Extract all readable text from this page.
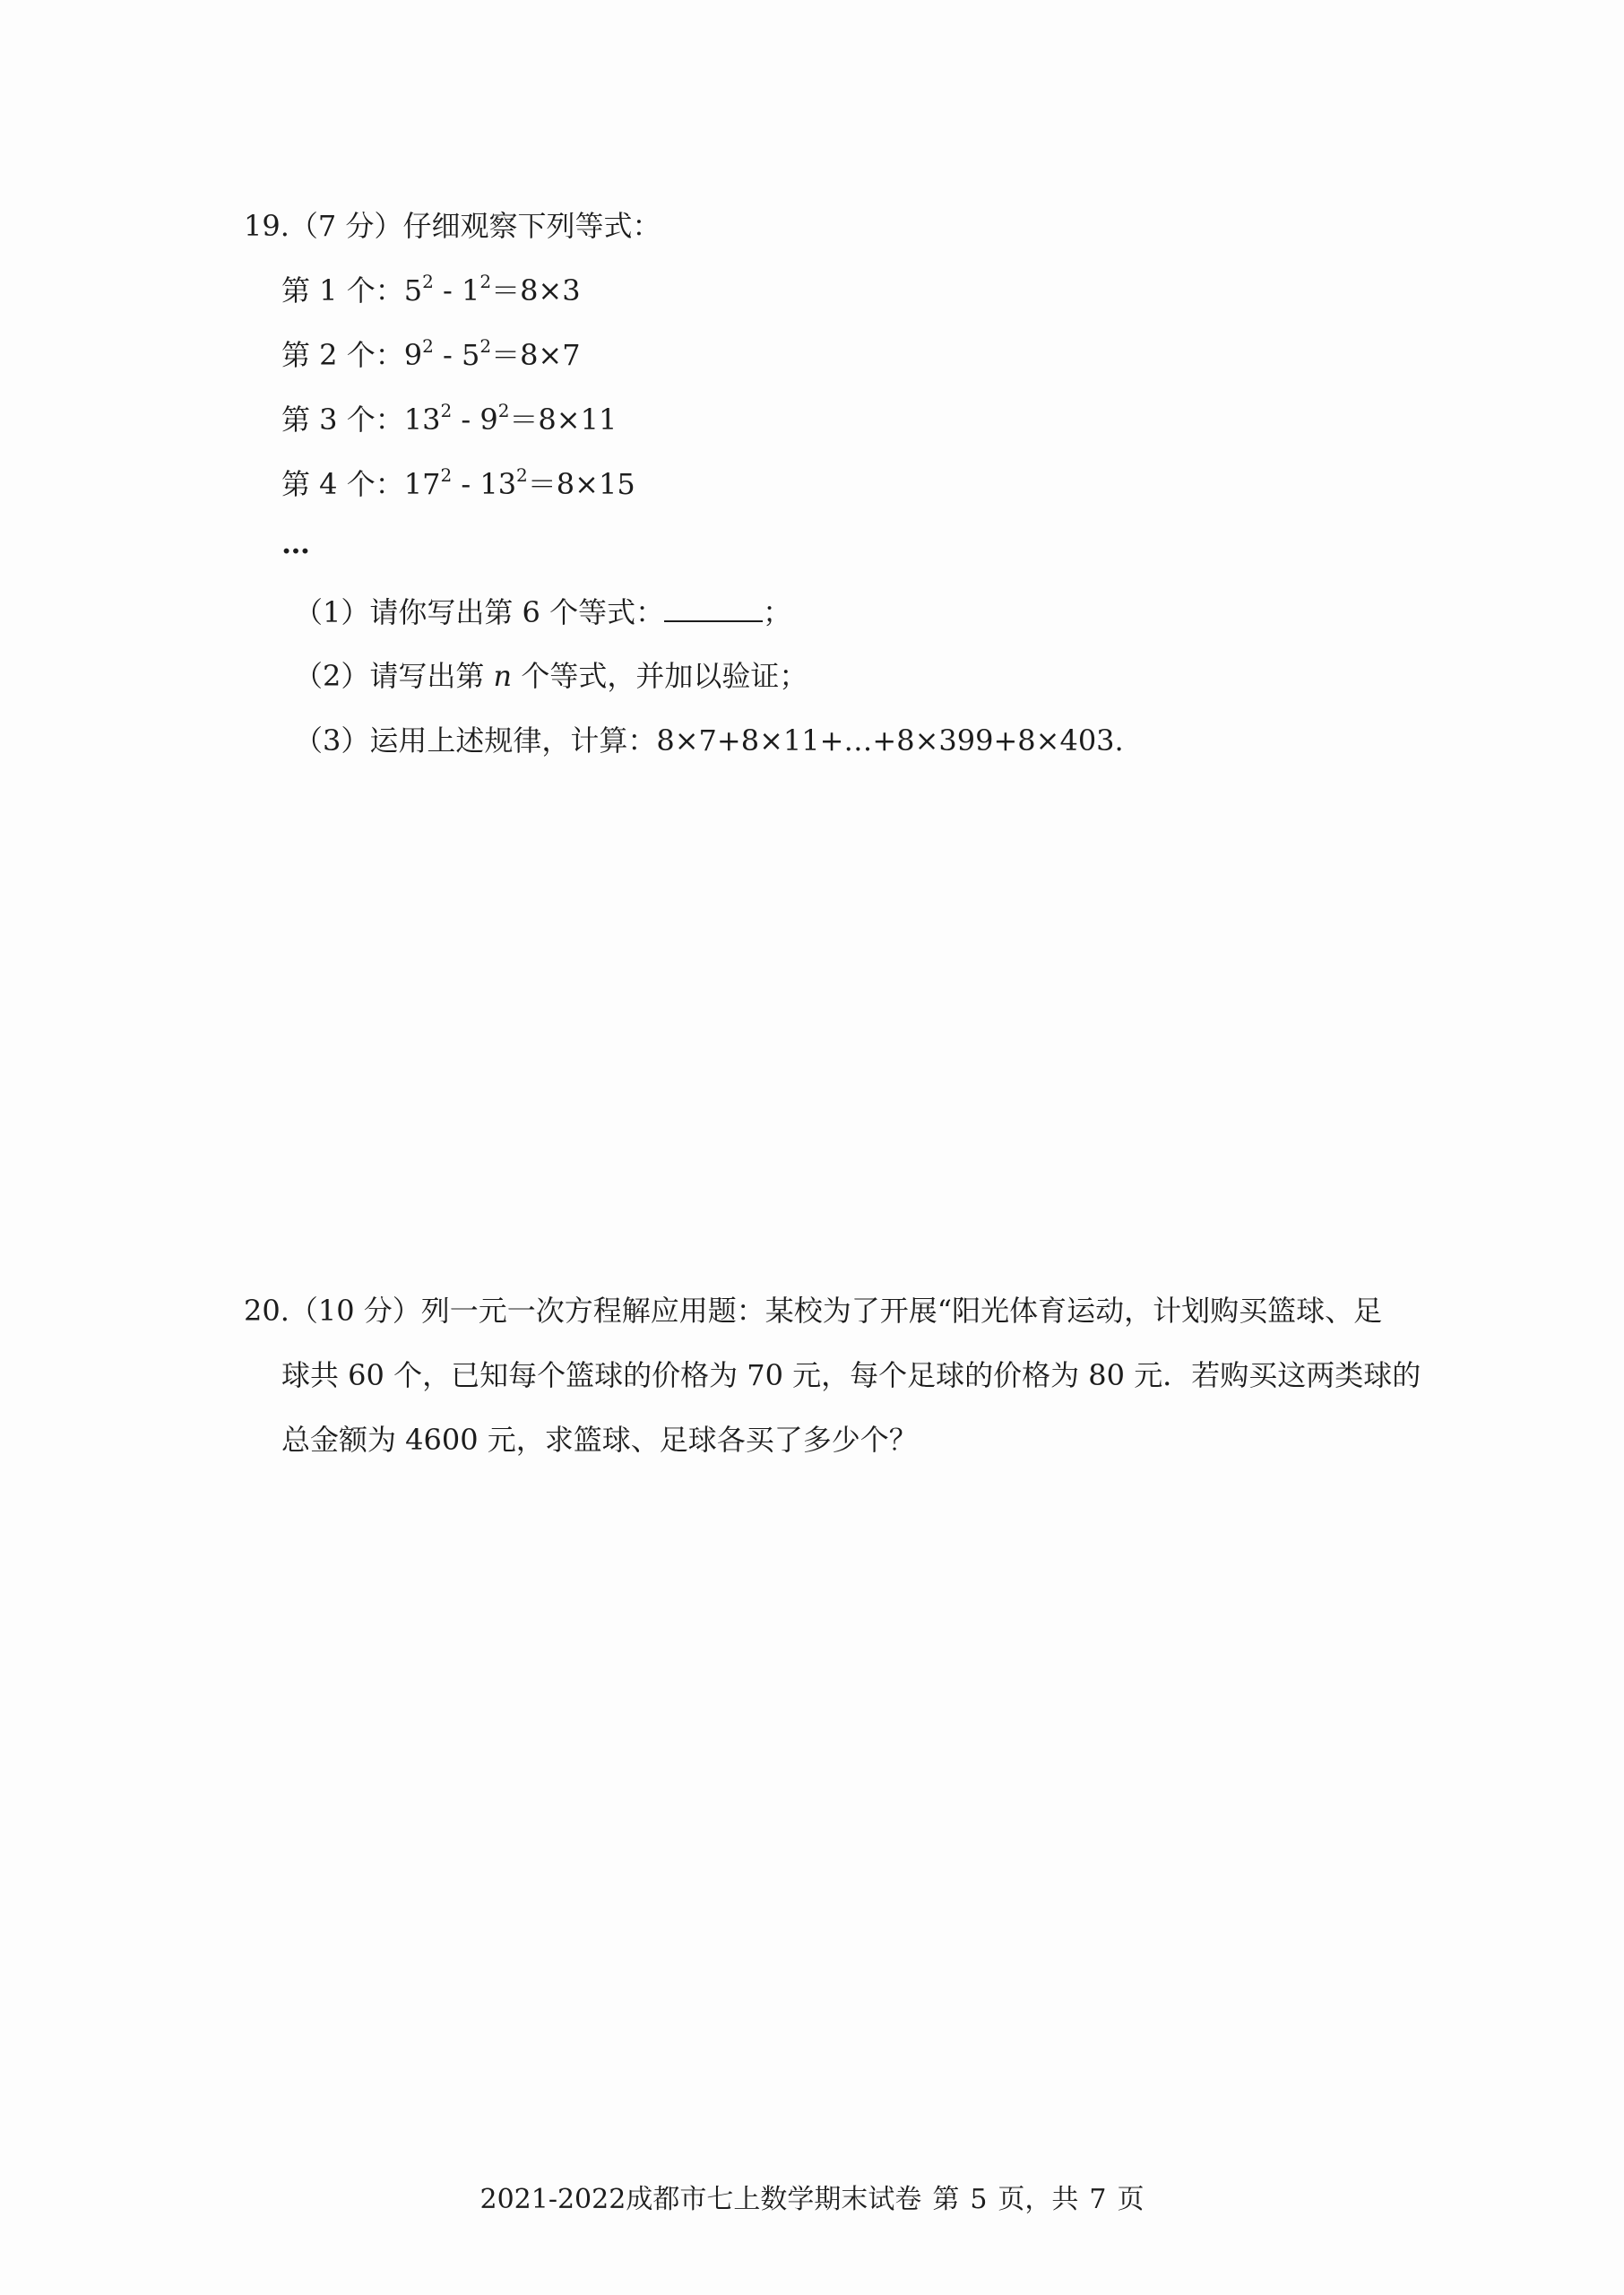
19.（7 分）仔细观察下列等式：
第 1 个：$5^2 - 1^2=8\times 3$
第 2 个：$9^2 - 5^2=8\times 7$
第 3 个：$13^2 - 9^2=8\times 11$
第 4 个：$17^2 - 13^2=8\times 15$
…
（1）请你写出第 6 个等式：	；
（2）请写出第 n 个等式，并加以验证；
（3）运用上述规律，计算：8×7+8×11+…+8×399+8×403.
20.（10 分）列一元一次方程解应用题：某校为了开展“阳光体育运动，计划购买篮球、足
球共 60 个，已知每个篮球的价格为 70 元，每个足球的价格为 80 元．若购买这两类球的
总金额为 4600 元，求篮球、足球各买了多少个？
2021-2022成都市七上数学期末试卷 第 5 页，共 7 页
